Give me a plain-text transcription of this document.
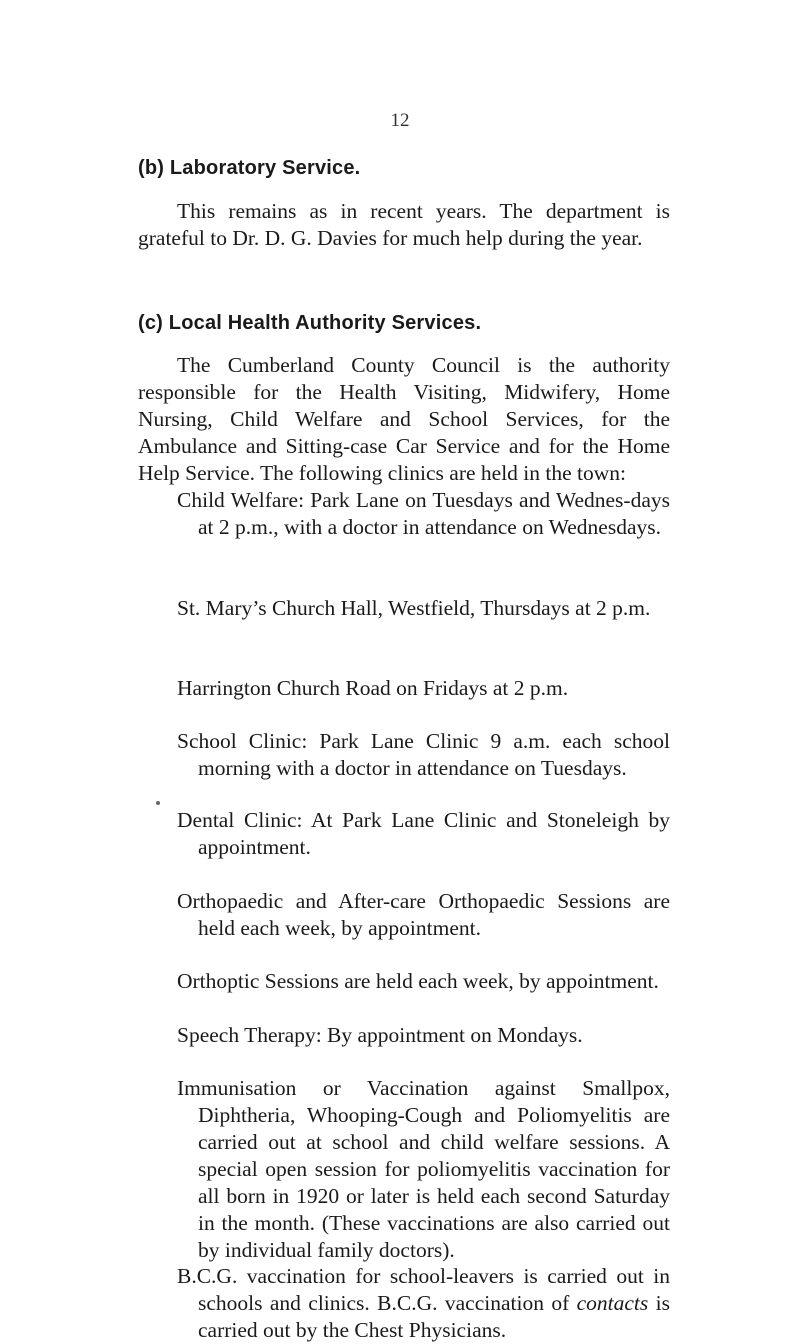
12
(b) Laboratory Service.
This remains as in recent years. The department is grateful to Dr. D. G. Davies for much help during the year.
(c) Local Health Authority Services.
The Cumberland County Council is the authority responsible for the Health Visiting, Midwifery, Home Nursing, Child Welfare and School Services, for the Ambulance and Sitting-case Car Service and for the Home Help Service. The following clinics are held in the town:
Child Welfare: Park Lane on Tuesdays and Wednes-days at 2 p.m., with a doctor in attendance on Wednesdays.
St. Mary’s Church Hall, Westfield, Thursdays at 2 p.m.
Harrington Church Road on Fridays at 2 p.m.
School Clinic: Park Lane Clinic 9 a.m. each school morning with a doctor in attendance on Tuesdays.
Dental Clinic: At Park Lane Clinic and Stoneleigh by appointment.
Orthopaedic and After-care Orthopaedic Sessions are held each week, by appointment.
Orthoptic Sessions are held each week, by appointment.
Speech Therapy: By appointment on Mondays.
Immunisation or Vaccination against Smallpox, Diphtheria, Whooping-Cough and Poliomyelitis are carried out at school and child welfare sessions. A special open session for poliomyelitis vaccination for all born in 1920 or later is held each second Saturday in the month. (These vaccinations are also carried out by individual family doctors).
B.C.G. vaccination for school-leavers is carried out in schools and clinics. B.C.G. vaccination of contacts is carried out by the Chest Physicians.
